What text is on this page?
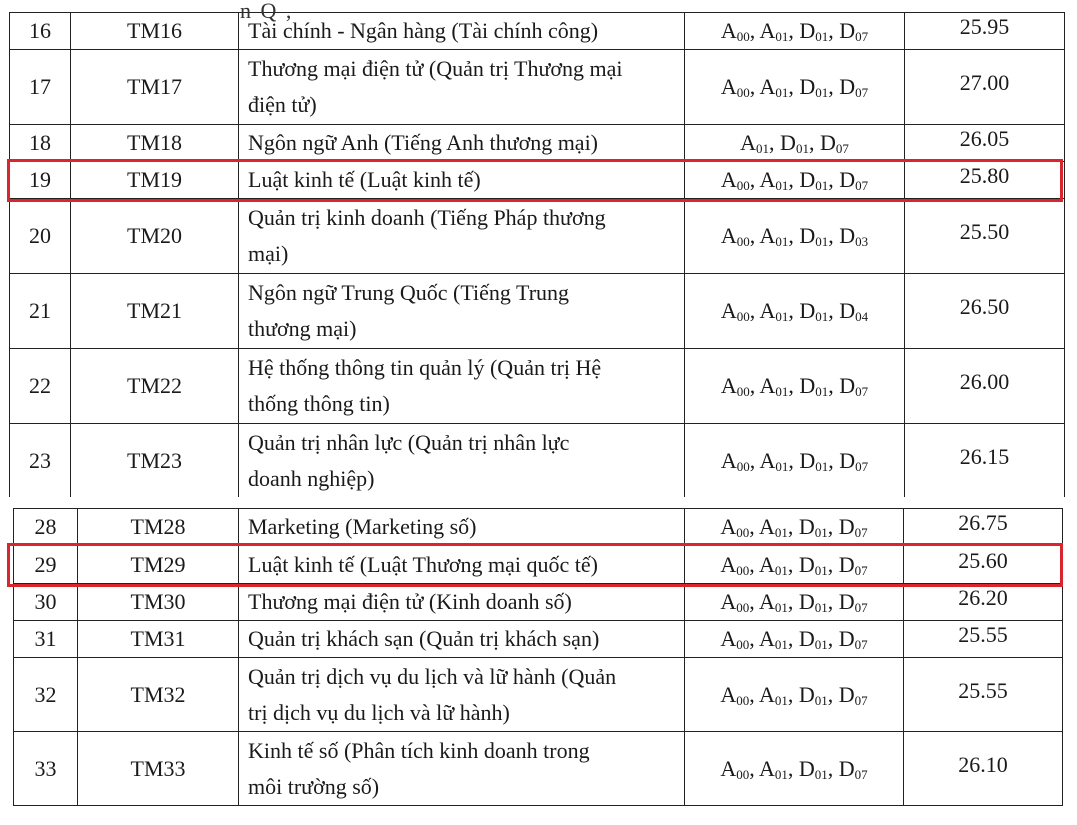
16	TM16	Tài chính - Ngân hàng (Tài chính công)	$A_{00}$, $A_{01}$, $D_{01}$, $D_{07}$	25.95
17	TM17	Thương mại điện tử (Quản trị Thương mại
điện tử)	$A_{00}$, $A_{01}$, $D_{01}$, $D_{07}$	27.00
18	TM18	Ngôn ngữ Anh (Tiếng Anh thương mại)	$A_{01}$, $D_{01}$, $D_{07}$	26.05
19	TM19	Luật kinh tế (Luật kinh tế)	$A_{00}$, $A_{01}$, $D_{01}$, $D_{07}$	25.80
20	TM20	Quản trị kinh doanh (Tiếng Pháp thương
mại)	$A_{00}$, $A_{01}$, $D_{01}$, $D_{03}$	25.50
21	TM21	Ngôn ngữ Trung Quốc (Tiếng Trung
thương mại)	$A_{00}$, $A_{01}$, $D_{01}$, $D_{04}$	26.50
22	TM22	Hệ thống thông tin quản lý (Quản trị Hệ
thống thông tin)	$A_{00}$, $A_{01}$, $D_{01}$, $D_{07}$	26.00
23	TM23	Quản trị nhân lực (Quản trị nhân lực
doanh nghiệp)	$A_{00}$, $A_{01}$, $D_{01}$, $D_{07}$	26.15
28	TM28	Marketing (Marketing số)	$A_{00}$, $A_{01}$, $D_{01}$, $D_{07}$	26.75
29	TM29	Luật kinh tế (Luật Thương mại quốc tế)	$A_{00}$, $A_{01}$, $D_{01}$, $D_{07}$	25.60
30	TM30	Thương mại điện tử (Kinh doanh số)	$A_{00}$, $A_{01}$, $D_{01}$, $D_{07}$	26.20
31	TM31	Quản trị khách sạn (Quản trị khách sạn)	$A_{00}$, $A_{01}$, $D_{01}$, $D_{07}$	25.55
32	TM32	Quản trị dịch vụ du lịch và lữ hành (Quản
trị dịch vụ du lịch và lữ hành)	$A_{00}$, $A_{01}$, $D_{01}$, $D_{07}$	25.55
33	TM33	Kinh tế số (Phân tích kinh doanh trong
môi trường số)	$A_{00}$, $A_{01}$, $D_{01}$, $D_{07}$	26.10
n Q ,
